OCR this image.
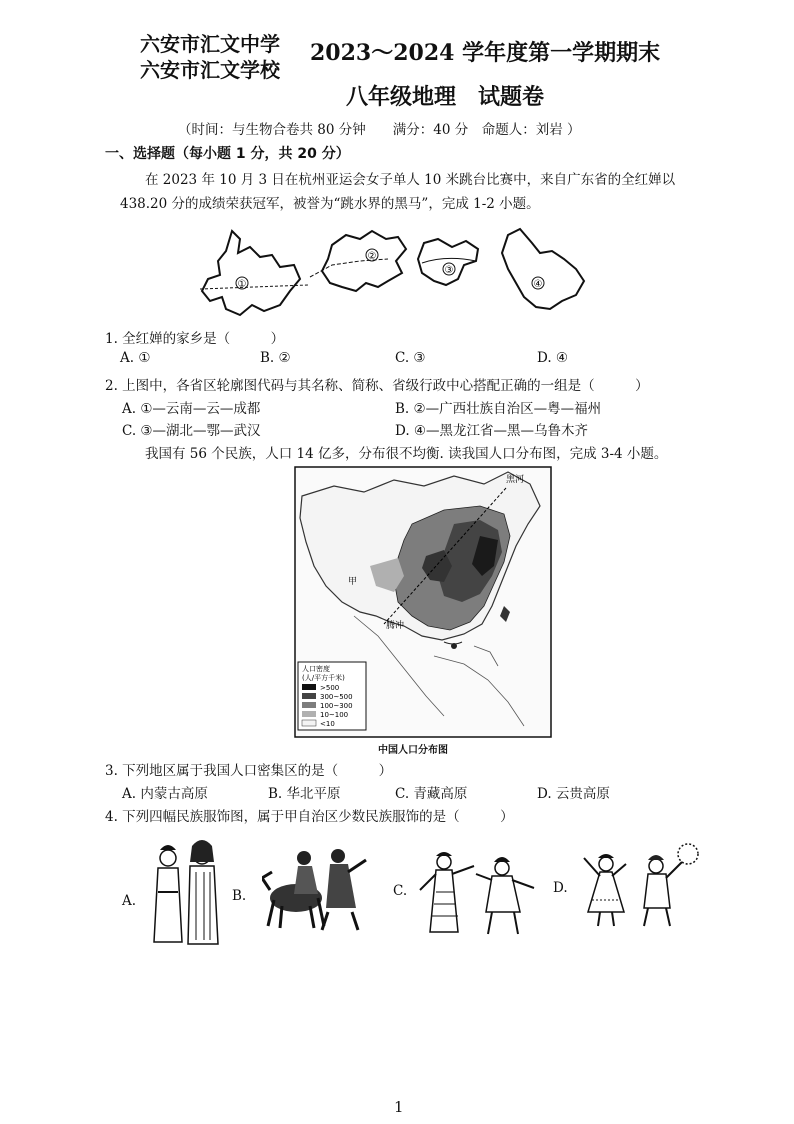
六安市汇文中学
六安市汇文学校
2023～2024 学年度第一学期期末
八年级地理　试题卷
（时间：与生物合卷共 80 分钟　　满分：40 分　命题人：刘岩 ）
一、选择题（每小题 1 分，共 20 分）
在 2023 年 10 月 3 日在杭州亚运会女子单人 10 米跳台比赛中，来自广东省的全红婵以
438.20 分的成绩荣获冠军，被誉为“跳水界的黑马”，完成 1-2 小题。
①
②
③
④
1. 全红婵的家乡是（　　　）
A. ①	B. ②	C. ③	D. ④
2. 上图中，各省区轮廓图代码与其名称、简称、省级行政中心搭配正确的一组是（　　　）
A. ①—云南—云—成都	B. ②—广西壮族自治区—粤—福州
C. ③—湖北—鄂—武汉	D. ④—黑龙江省—黑—乌鲁木齐
我国有 56 个民族，人口 14 亿多，分布很不均衡. 读我国人口分布图，完成 3-4 小题。
黑河
甲
腾冲
人口密度
(人/平方千米)
>500
300~500
100~300
10~100
<10
中国人口分布图
3. 下列地区属于我国人口密集区的是（　　　）
A. 内蒙古高原	B. 华北平原	C. 青藏高原	D. 云贵高原
4. 下列四幅民族服饰图，属于甲自治区少数民族服饰的是（　　　）
A.	B.	C.	D.
1
